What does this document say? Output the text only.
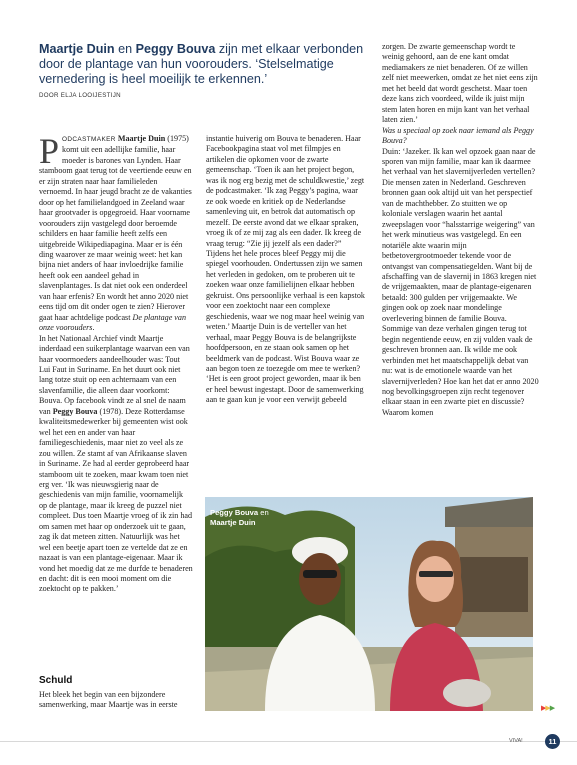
Maartje Duin en Peggy Bouva zijn met elkaar verbonden door de plantage van hun voorouders. ‘Stelselmatige vernedering is heel moeilijk te erkennen.’
DOOR ELJA LOOIJESTIJN

PODCASTMAKER Maartje Duin (1975) komt uit een adellijke familie, haar moeder is barones van Lynden. Haar stamboom gaat terug tot de veertiende eeuw en er zijn straten naar haar familieleden vernoemd. In haar jeugd bracht ze de vakanties door op het familielandgoed in Zeeland waar haar grootvader is opgegroeid. Haar voorname voorouders zijn vastgelegd door beroemde schilders en haar familie heeft zelfs een uitgebreide Wikipediapagina. Maar er is één ding waarover ze maar weinig weet: het kan bijna niet anders of haar invloedrijke familie heeft ook een aandeel gehad in slavenplantages. Is dat niet ook een onderdeel van haar erfenis? En wordt het anno 2020 niet eens tijd om dit onder ogen te zien? Hierover gaat haar achtdelige podcast De plantage van onze voorouders.

In het Nationaal Archief vindt Maartje inderdaad een suikerplantage waarvan een van haar voormoeders aandeelhouder was: Tout Lui Faut in Suriname. En het duurt ook niet lang totze stuit op een achternaam van een slavenfamilie, die alleen daar voorkomt: Bouva. Op facebook vindt ze al snel de naam van Peggy Bouva (1978). Deze Rotterdamse kwaliteitsmedewerker bij gemeenten wist ook wel het een en ander van haar familiegeschiedenis, maar niet zo veel als ze zou willen. Ze stamt af van Afrikaanse slaven in Suriname. Ze had al eerder geprobeerd haar stamboom uit te zoeken, maar kwam toen niet erg ver. ‘Ik was nieuwsgierig naar de geschiedenis van mijn familie, voornamelijk op de plantage, maar ik kreeg de puzzel niet compleet. Dus toen Maartje vroeg of ik zin had om samen met haar op onderzoek uit te gaan, zag ik dat meteen zitten. Natuurlijk was het wel een beetje apart toen ze vertelde dat ze en nazaat is van een plantage-eigenaar. Maar ik vond het moedig dat ze me durfde te benaderen en dacht: dit is een mooi moment om die zoektocht op te pakken.’

Schuld
Het bleek het begin van een bijzondere samenwerking, maar Maartje was in eerste

instantie huiverig om Bouva te benaderen. Haar Facebookpagina staat vol met filmpjes en artikelen die opkomen voor de zwarte gemeenschap. ‘Toen ik aan het project begon, was ik nog erg bezig met de schuldkwestie,’ zegt de podcastmaker. ‘Ik zag Peggy’s pagina, waar ze ook woede en kritiek op de Nederlandse samenleving uit, en betrok dat automatisch op mezelf. De eerste avond dat we elkaar spraken, vroeg ik of ze mij zag als een dader. Ik kreeg de vraag terug: “Zie jij jezelf als een dader?” Tijdens het hele proces bleef Peggy mij die spiegel voorhouden. Ondertussen zijn we samen het verleden in gedoken, om te proberen uit te zoeken waar onze familielijnen elkaar hebben gekruist. Ons persoonlijke verhaal is een kapstok voor een zoektocht naar een complexe geschiedenis, waar we nog maar heel weinig van weten.’ Maartje Duin is de verteller van het verhaal, maar Peggy Bouva is de belangrijkste hoofdpersoon, en ze staan ook samen op het beeldmerk van de podcast. Wist Bouva waar ze aan begon toen ze toezegde om mee te werken? ‘Het is een groot project geworden, maar ik ben er heel bewust ingestapt. Door de samenwerking aan te gaan kun je voor een verwijt gebeeld

zorgen. De zwarte gemeenschap wordt te weinig gehoord, aan de ene kant omdat mediamakers ze niet benaderen. Of ze willen zelf niet meewerken, omdat ze het niet eens zijn met het beeld dat wordt geschetst. Maar toen deze kans zich voordeed, wilde ik juist mijn stem laten horen en mijn kant van het verhaal laten zien.’

Was u speciaal op zoek naar iemand als Peggy Bouva?

Duin: ‘Jazeker. Ik kan wel opzoek gaan naar de sporen van mijn familie, maar kan ik daarmee het verhaal van het slavernijverleden vertellen? Die mensen zaten in Nederland. Geschreven bronnen gaan ook altijd uit van het perspectief van de machthebber. Zo stuitten we op koloniale verslagen waarin het aantal zweepslagen voor “halsstarrige weigering” van het werk minutieus was vastgelegd. En een notariële akte waarin mijn betbetovergrootmoeder tekende voor de ontvangst van compensatiegelden. Want bij de afschaffing van de slavernij in 1863 kregen niet de vrijgemaakten, maar de plantage-eigenaren betaald: 300 gulden per vrijgemaakte. We gingen ook op zoek naar mondelinge overlevering binnen de familie Bouva. Sommige van deze verhalen gingen terug tot begin negentiende eeuw, en zij vulden vaak de geschreven bronnen aan. Ik wilde me ook verbinden met het maatschappelijk debat van nu: wat is de emotionele waarde van het slavernijverleden? Hoe kan het dat er anno 2020 nog bevolkingsgroepen zijn recht tegenover elkaar staan in een zwarte piet en discussie? Waarom komen

Peggy Bouva en
Maartje Duin
▶▶▶
VIVA!	11
